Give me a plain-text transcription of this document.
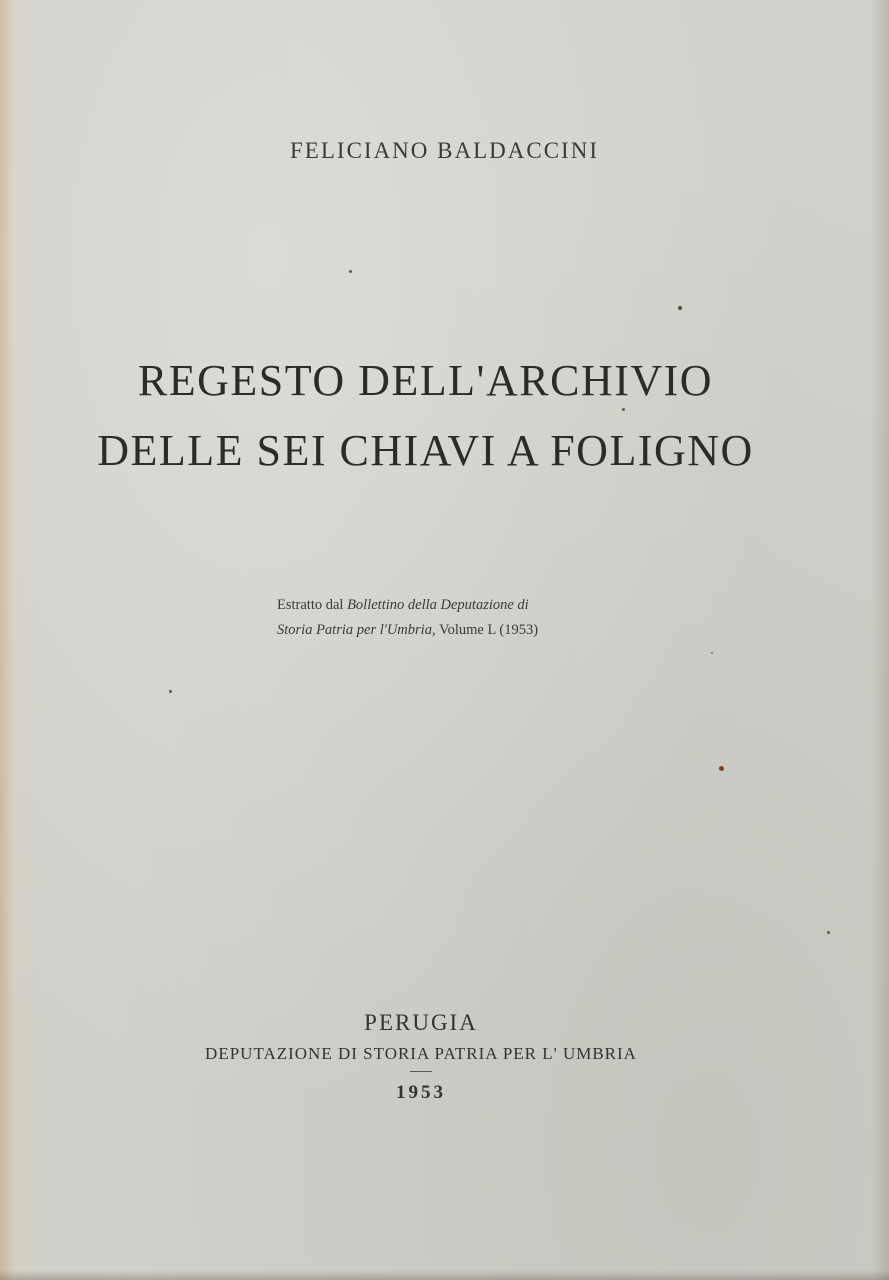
FELICIANO BALDACCINI
REGESTO DELL'ARCHIVIO
DELLE SEI CHIAVI A FOLIGNO
Estratto dal Bollettino della Deputazione di
Storia Patria per l'Umbria, Volume L (1953)
PERUGIA
DEPUTAZIONE DI STORIA PATRIA PER L' UMBRIA
1953
